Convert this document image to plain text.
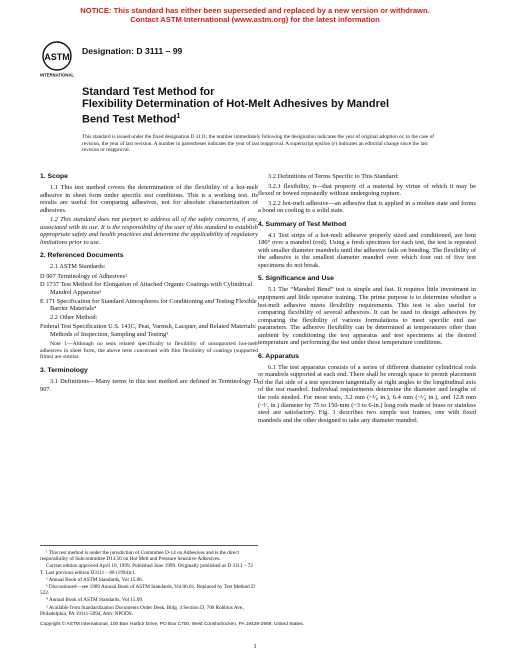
NOTICE: This standard has either been superseded and replaced by a new version or withdrawn.
Contact ASTM International (www.astm.org) for the latest information
ASTM
INTERNATIONAL
Designation: D 3111 – 99
Standard Test Method for
Flexibility Determination of Hot-Melt Adhesives by Mandrel
Bend Test Method$^1$
This standard is issued under the fixed designation D 3111; the number immediately following the designation indicates the year of original adoption or, in the case of revision, the year of last revision. A number in parentheses indicates the year of last reapproval. A superscript epsilon (ε) indicates an editorial change since the last revision or reapproval.
1. Scope

1.1 This test method covers the determination of the flexibility of a hot-melt adhesive in sheet form under specific test conditions. This is a working test. Its results are useful for comparing adhesives, not for absolute characterization of adhesives.

1.2 This standard does not purport to address all of the safety concerns, if any, associated with its use. It is the responsibility of the user of this standard to establish appropriate safety and health practices and determine the applicability of regulatory limitations prior to use.

2. Referenced Documents

2.1 ASTM Standards:

D 907 Terminology of Adhesives²

D 1737 Test Method for Elongation of Attached Organic Coatings with Cylindrical Mandrel Apparatus³

E 171 Specification for Standard Atmospheres for Conditioning and Testing Flexible Barrier Materials⁴

2.2 Other Method:

Federal Test Specification U.S. 141C, Peat, Varnish, Lacquer, and Related Materials: Methods of Inspection, Sampling and Testing⁵

Note 1—Although no tests related specifically to flexibility of unsupported hot-melt adhesives in sheet form, the above tests concerned with film flexibility of coatings (supported films) are similar.
3. Terminology

3.1 Definitions—Many terms in this test method are defined in Terminology D 907.

¹ This test method is under the jurisdiction of Committee D-14 on Adhesives and is the direct responsibility of Subcommittee D14.50 on Hot Melt and Pressure Sensitive Adhesives.
Current edition approved April 10, 1999. Published June 1999. Originally published as D 3111 – 72 T. Last previous edition D3111 – 88 (1994)ε1.
² Annual Book of ASTM Standards, Vol 15.06.
³ Discontinued—see 1989 Annual Book of ASTM Standards, Vol 06.01. Replaced by Test Method D 522.
⁴ Annual Book of ASTM Standards, Vol 15.09.
⁵ Available from Standardization Documents Order Desk, Bldg. 4 Section D, 700 Robbins Ave., Philadelphia, PA 19111-5094, Attn: NPODS.

3.2 Definitions of Terms Specific to This Standard:

3.2.1 flexibility, n—that property of a material by virtue of which it may be flexed or bowed repeatedly without undergoing rupture.

3.2.2 hot-melt adhesive—an adhesive that is applied in a molten state and forms a bond on cooling to a solid state.

4. Summary of Test Method

4.1 Test strips of a hot-melt adhesive properly sized and conditioned, are bent 180° over a mandrel (rod). Using a fresh specimen for each test, the test is repeated with smaller diameter mandrels until the adhesive fails on bending. The flexibility of the adhesive is the smallest diameter mandrel over which four out of five test specimens do not break.

5. Significance and Use

5.1 The “Mandrel Bend” test is simple and fast. It requires little investment in equipment and little operator training. The prime purpose is to determine whether a hot-melt adhesive meets flexibility requirements. This test is also useful for comparing flexibility of several adhesives. It can be used to design adhesives by comparing the flexibility of various formulations to meet specific end use parameters. The adhesive flexibility can be determined at temperatures other than ambient by conditioning the test apparatus and test specimens at the desired temperature and performing the test under these temperature conditions.

6. Apparatus

6.1 The test apparatus consists of a series of different diameter cylindrical rods or mandrels supported at each end. There shall be enough space to permit placement of the flat side of a test specimen tangentially at right angles to the longitudinal axis of the test mandrel. Individual requirements determine the diameter and lengths of the rods needed. For most tests, 3.2 mm (~¹⁄₈ in.), 6.4 mm (~¹⁄₄ in.), and 12.8 mm (~¹⁄₂ in.) diameter by 75 to 150-mm (~3 to 6-in.) long rods made of brass or stainless steel are satisfactory. Fig. 1 describes two simple test frames, one with fixed mandrels and the other designed to take any diameter mandrel.

Copyright © ASTM International, 100 Barr Harbor Drive, PO Box C700, West Conshohocken, PA 19428-2959, United States.
1
